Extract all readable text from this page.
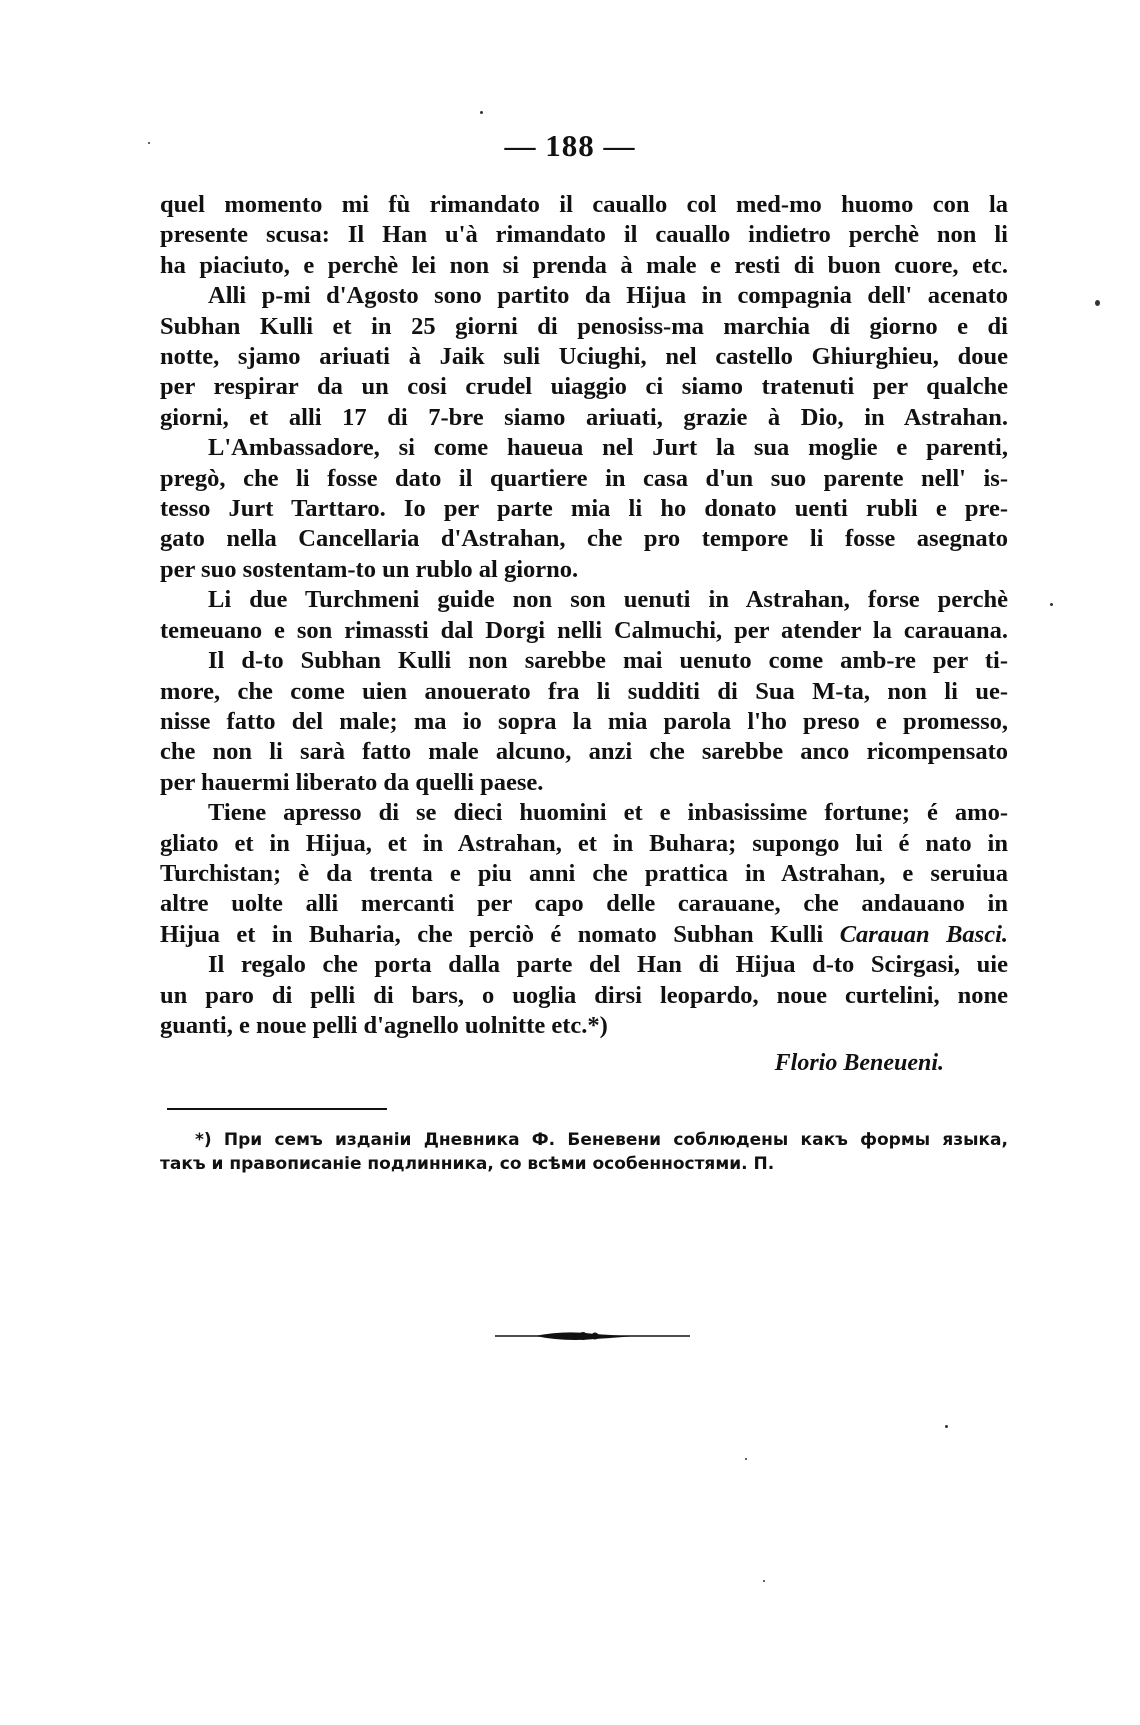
— 188 —
quel momento mi fù rimandato il cauallo col med-mo huomo con la
presente scusa: Il Han u'à rimandato il cauallo indietro perchè non li
ha piaciuto, e perchè lei non si prenda à male e resti di buon cuore, etc.
Alli p-mi d'Agosto sono partito da Hijua in compagnia dell' acenato
Subhan Kulli et in 25 giorni di penosiss-ma marchia di giorno e di
notte, sjamo ariuati à Jaik suli Uciughi, nel castello Ghiurghieu, doue
per respirar da un cosi crudel uiaggio ci siamo tratenuti per qualche
giorni, et alli 17 di 7-bre siamo ariuati, grazie à Dio, in Astrahan.
L'Ambassadore, si come haueua nel Jurt la sua moglie e parenti,
pregò, che li fosse dato il quartiere in casa d'un suo parente nell' is-
tesso Jurt Tarttaro. Io per parte mia li ho donato uenti rubli e pre-
gato nella Cancellaria d'Astrahan, che pro tempore li fosse asegnato
per suo sostentam-to un rublo al giorno.
Li due Turchmeni guide non son uenuti in Astrahan, forse perchè
temeuano e son rimassti dal Dorgi nelli Calmuchi, per atender la carauana.
Il d-to Subhan Kulli non sarebbe mai uenuto come amb-re per ti-
more, che come uien anouerato fra li sudditi di Sua M-ta, non li ue-
nisse fatto del male; ma io sopra la mia parola l'ho preso e promesso,
che non li sarà fatto male alcuno, anzi che sarebbe anco ricompensato
per hauermi liberato da quelli paese.
Tiene apresso di se dieci huomini et e inbasissime fortune; é amo-
gliato et in Hijua, et in Astrahan, et in Buhara; supongo lui é nato in
Turchistan; è da trenta e piu anni che prattica in Astrahan, e seruiua
altre uolte alli mercanti per capo delle carauane, che andauano in
Hijua et in Buharia, che perciò é nomato Subhan Kulli Carauan Basci.
Il regalo che porta dalla parte del Han di Hijua d-to Scirgasi, uie
un paro di pelli di bars, o uoglia dirsi leopardo, noue curtelini, none
guanti, e noue pelli d'agnello uolnitte etc.*)
Florio Beneueni.
*) При семъ изданіи Дневника Ф. Беневени соблюдены какъ формы языка,
такъ и правописаніе подлинника, со всѣми особенностями. П.
